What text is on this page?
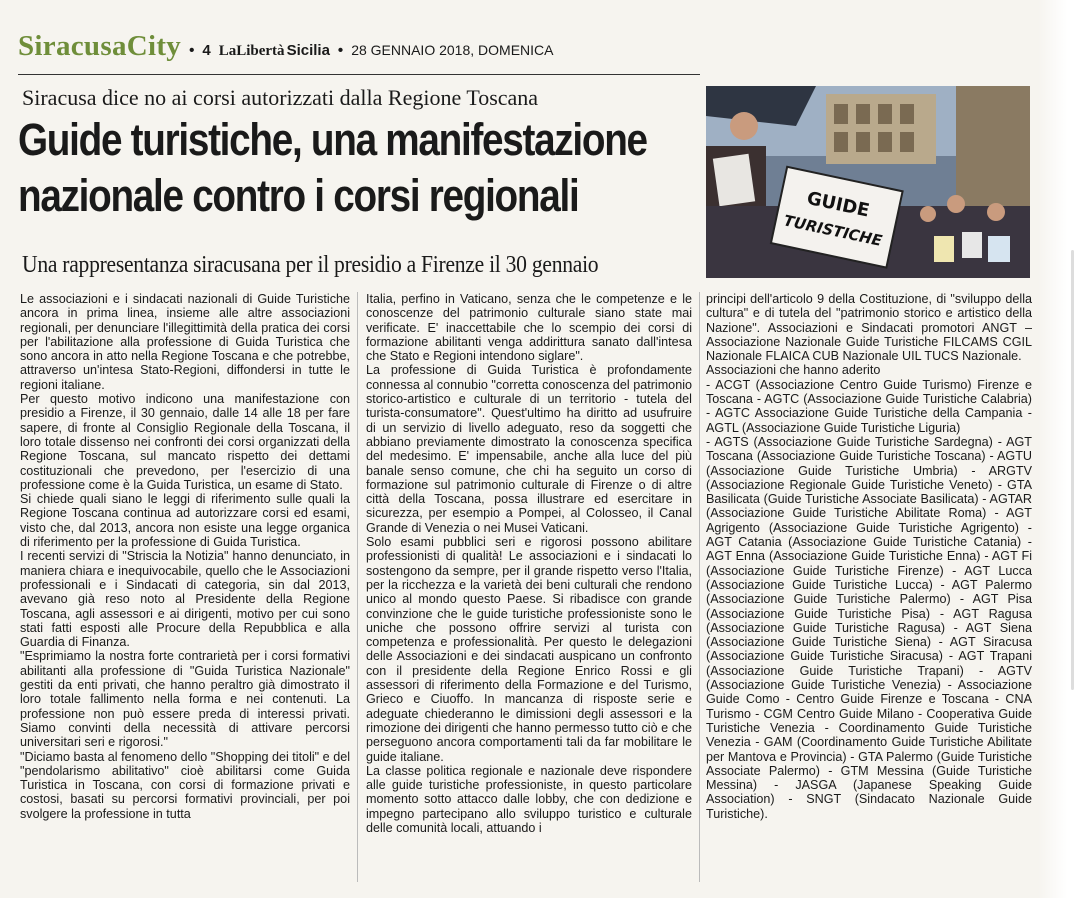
SiracusaCity • 4 LaLibertà Sicilia • 28 GENNAIO 2018, DOMENICA
Siracusa dice no ai corsi autorizzati dalla Regione Toscana
Guide turistiche, una manifestazione
nazionale contro i corsi regionali
Una rappresentanza siracusana per il presidio a Firenze il 30 gennaio
GUIDE
TURISTICHE

Le associazioni e i sindacati nazionali di Guide Turistiche ancora in prima linea, insieme alle altre associazioni regionali, per denunciare l'illegittimità della pratica dei corsi per l'abilitazione alla professione di Guida Turistica che sono ancora in atto nella Regione Toscana e che potrebbe, attraverso un'intesa Stato-Regioni, diffondersi in tutte le regioni italiane.

Per questo motivo indicono una manifestazione con presidio a Firenze, il 30 gennaio, dalle 14 alle 18 per fare sapere, di fronte al Consiglio Regionale della Toscana, il loro totale dissenso nei confronti dei corsi organizzati della Regione Toscana, sul mancato rispetto dei dettami costituzionali che prevedono, per l'esercizio di una professione come è la Guida Turistica, un esame di Stato.

Si chiede quali siano le leggi di riferimento sulle quali la Regione Toscana continua ad autorizzare corsi ed esami, visto che, dal 2013, ancora non esiste una legge organica di riferimento per la professione di Guida Turistica.

I recenti servizi di "Striscia la Notizia" hanno denunciato, in maniera chiara e inequivocabile, quello che le Associazioni professionali e i Sindacati di categoria, sin dal 2013, avevano già reso noto al Presidente della Regione Toscana, agli assessori e ai dirigenti, motivo per cui sono stati fatti esposti alle Procure della Repubblica e alla Guardia di Finanza.

"Esprimiamo la nostra forte contrarietà per i corsi formativi abilitanti alla professione di "Guida Turistica Nazionale" gestiti da enti privati, che hanno peraltro già dimostrato il loro totale fallimento nella forma e nei contenuti. La professione non può essere preda di interessi privati. Siamo convinti della necessità di attivare percorsi universitari seri e rigorosi."

"Diciamo basta al fenomeno dello "Shopping dei titoli" e del "pendolarismo abilitativo" cioè abilitarsi come Guida Turistica in Toscana, con corsi di formazione privati e costosi, basati su percorsi formativi provinciali, per poi svolgere la professione in tutta

Italia, perfino in Vaticano, senza che le competenze e le conoscenze del patrimonio culturale siano state mai verificate. E' inaccettabile che lo scempio dei corsi di formazione abilitanti venga addirittura sanato dall'intesa che Stato e Regioni intendono siglare".

La professione di Guida Turistica è profondamente connessa al connubio "corretta conoscenza del patrimonio storico-artistico e culturale di un territorio - tutela del turista-consumatore". Quest'ultimo ha diritto ad usufruire di un servizio di livello adeguato, reso da soggetti che abbiano previamente dimostrato la conoscenza specifica del medesimo. E' impensabile, anche alla luce del più banale senso comune, che chi ha seguito un corso di formazione sul patrimonio culturale di Firenze o di altre città della Toscana, possa illustrare ed esercitare in sicurezza, per esempio a Pompei, al Colosseo, il Canal Grande di Venezia o nei Musei Vaticani.

Solo esami pubblici seri e rigorosi possono abilitare professionisti di qualità! Le associazioni e i sindacati lo sostengono da sempre, per il grande rispetto verso l'Italia, per la ricchezza e la varietà dei beni culturali che rendono unico al mondo questo Paese. Si ribadisce con grande convinzione che le guide turistiche professioniste sono le uniche che possono offrire servizi al turista con competenza e professionalità. Per questo le delegazioni delle Associazioni e dei sindacati auspicano un confronto con il presidente della Regione Enrico Rossi e gli assessori di riferimento della Formazione e del Turismo, Grieco e Ciuoffo. In mancanza di risposte serie e adeguate chiederanno le dimissioni degli assessori e la rimozione dei dirigenti che hanno permesso tutto ciò e che perseguono ancora comportamenti tali da far mobilitare le guide italiane.

La classe politica regionale e nazionale deve rispondere alle guide turistiche professioniste, in questo particolare momento sotto attacco dalle lobby, che con dedizione e impegno partecipano allo sviluppo turistico e culturale delle comunità locali, attuando i

principi dell'articolo 9 della Costituzione, di "sviluppo della cultura" e di tutela del "patrimonio storico e artistico della Nazione". Associazioni e Sindacati promotori ANGT – Associazione Nazionale Guide Turistiche FILCAMS CGIL Nazionale FLAICA CUB Nazionale UIL TUCS Nazionale.

Associazioni che hanno aderito

- ACGT (Associazione Centro Guide Turismo) Firenze e Toscana - AGTC (Associazione Guide Turistiche Calabria) - AGTC Associazione Guide Turistiche della Campania - AGTL (Associazione Guide Turistiche Liguria)

- AGTS (Associazione Guide Turistiche Sardegna) - AGT Toscana (Associazione Guide Turistiche Toscana) - AGTU (Associazione Guide Turistiche Umbria) - ARGTV (Associazione Regionale Guide Turistiche Veneto) - GTA Basilicata (Guide Turistiche Associate Basilicata) - AGTAR (Associazione Guide Turistiche Abilitate Roma) - AGT Agrigento (Associazione Guide Turistiche Agrigento) - AGT Catania (Associazione Guide Turistiche Catania) - AGT Enna (Associazione Guide Turistiche Enna) - AGT Fi (Associazione Guide Turistiche Firenze) - AGT Lucca (Associazione Guide Turistiche Lucca) - AGT Palermo (Associazione Guide Turistiche Palermo) - AGT Pisa (Associazione Guide Turistiche Pisa) - AGT Ragusa (Associazione Guide Turistiche Ragusa) - AGT Siena (Associazione Guide Turistiche Siena) - AGT Siracusa (Associazione Guide Turistiche Siracusa) - AGT Trapani (Associazione Guide Turistiche Trapani) - AGTV (Associazione Guide Turistiche Venezia) - Associazione Guide Como - Centro Guide Firenze e Toscana - CNA Turismo - CGM Centro Guide Milano - Cooperativa Guide Turistiche Venezia - Coordinamento Guide Turistiche Venezia - GAM (Coordinamento Guide Turistiche Abilitate per Mantova e Provincia) - GTA Palermo (Guide Turistiche Associate Palermo) - GTM Messina (Guide Turistiche Messina) - JASGA (Japanese Speaking Guide Association) - SNGT (Sindacato Nazionale Guide Turistiche).
